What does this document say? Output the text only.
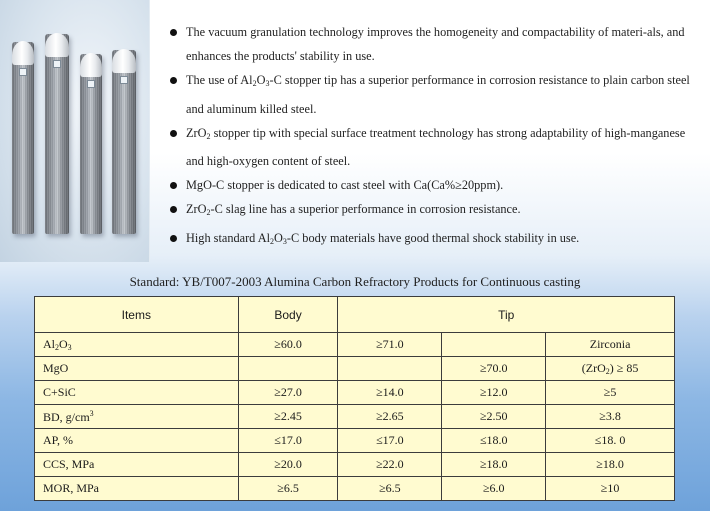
The vacuum granulation technology improves the homogeneity and compactability of materi-als, and enhances the products' stability in use.
The use of $Al_2O_3-C$ stopper tip has a superior performance in corrosion resistance to plain carbon steel and aluminum killed steel.
ZrO$_2$ stopper tip with special surface treatment technology has strong adaptability of high-manganese and high-oxygen content of steel.
MgO-C stopper is dedicated to cast steel with Ca(Ca%≥20ppm).
ZrO$_2$-C slag line has a superior performance in corrosion resistance.
High standard $Al_2O_3-C$ body materials have good thermal shock stability in use.
Standard: YB/T007-2003 Alumina Carbon Refractory Products for Continuous casting
Items	Body	Tip		
$Al_2O_3$	≥60.0	≥71.0		Zirconia
MgO			≥70.0	(ZrO$_2$) ≥ 85
C+SiC	≥27.0	≥14.0	≥12.0	≥5
BD, $g/cm^3$	≥2.45	≥2.65	≥2.50	≥3.8
AP, %	≤17.0	≤17.0	≤18.0	≤18. 0
CCS, MPa	≥20.0	≥22.0	≥18.0	≥18.0
MOR, MPa	≥6.5	≥6.5	≥6.0	≥10
